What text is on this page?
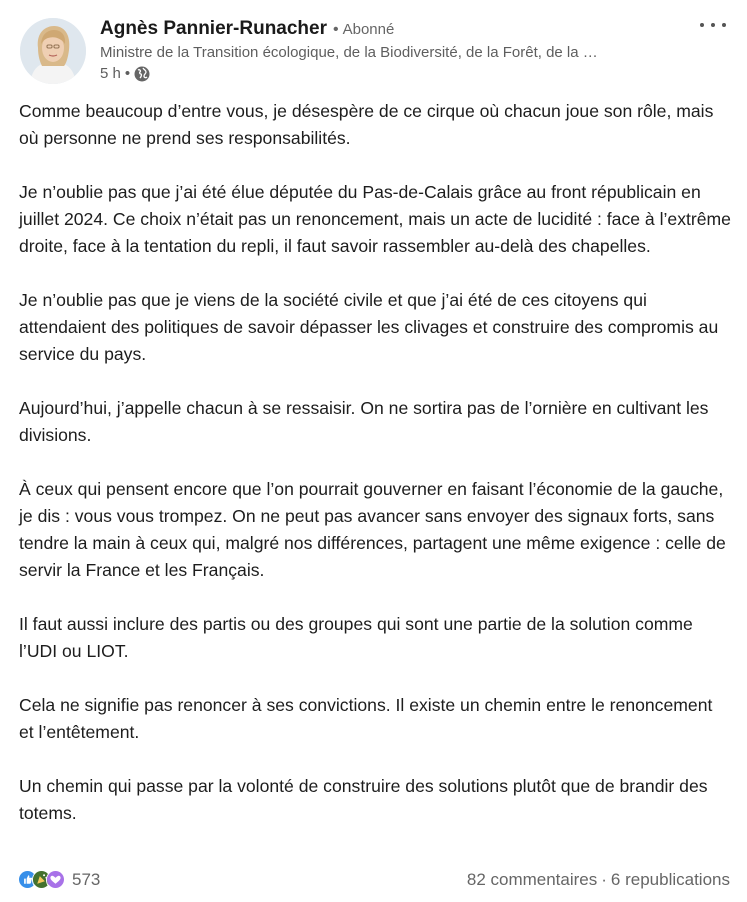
Agnès Pannier-Runacher • Abonné
Ministre de la Transition écologique, de la Biodiversité, de la Forêt, de la …
5 h •

Comme beaucoup d’entre vous, je désespère de ce cirque où chacun joue son rôle, mais où personne ne prend ses responsabilités.

Je n’oublie pas que j’ai été élue députée du Pas-de-Calais grâce au front républicain en juillet 2024. Ce choix n’était pas un renoncement, mais un acte de lucidité : face à l’extrême droite, face à la tentation du repli, il faut savoir rassembler au-delà des chapelles.

Je n’oublie pas que je viens de la société civile et que j’ai été de ces citoyens qui attendaient des politiques de savoir dépasser les clivages et construire des compromis au service du pays.

Aujourd’hui, j’appelle chacun à se ressaisir. On ne sortira pas de l’ornière en cultivant les divisions.

À ceux qui pensent encore que l’on pourrait gouverner en faisant l’économie de la gauche, je dis : vous vous trompez. On ne peut pas avancer sans envoyer des signaux forts, sans tendre la main à ceux qui, malgré nos différences, partagent une même exigence : celle de servir la France et les Français.

Il faut aussi inclure des partis ou des groupes qui sont une partie de la solution comme l’UDI ou LIOT.

Cela ne signifie pas renoncer à ses convictions. Il existe un chemin entre le renoncement et l’entêtement.

Un chemin qui passe par la volonté de construire des solutions plutôt que de brandir des totems.

573	82 commentaires · 6 republications
